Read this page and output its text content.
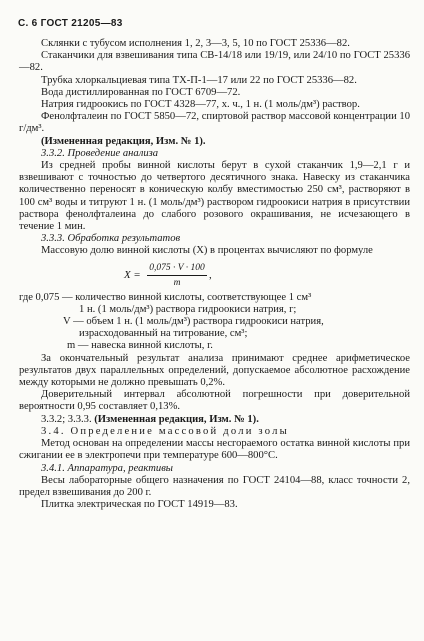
С. 6 ГОСТ 21205—83

Склянки с тубусом исполнения 1, 2, 3—3, 5, 10 по ГОСТ 25336—82.

Стаканчики для взвешивания типа СВ-14/18 или 19/19, или 24/10 по ГОСТ 25336—82.

Трубка хлоркальциевая типа ТХ-П-1—17 или 22 по ГОСТ 25336—82.

Вода дистиллированная по ГОСТ 6709—72.

Натрия гидроокись по ГОСТ 4328—77, х. ч., 1 н. (1 моль/дм³) раствор.

Фенолфталеин по ГОСТ 5850—72, спиртовой раствор массовой концентрации 10 г/дм³.

(Измененная редакция, Изм. № 1).

3.3.2. Проведение анализа

Из средней пробы винной кислоты берут в сухой стаканчик 1,9—2,1 г и взвешивают с точностью до четвертого десятичного знака. Навеску из стаканчика количественно переносят в коническую колбу вместимостью 250 см³, растворяют в 100 см³ воды и титруют 1 н. (1 моль/дм³) раствором гидроокиси натрия в присутствии раствора фенолфталеина до слабого розового окрашивания, не исчезающего в течение 1 мин.

3.3.3. Обработка результатов

Массовую долю винной кислоты (X) в процентах вычисляют по формуле

$X = \frac{0,075 \cdot V \cdot 100}{m}$ ,
где 0,075 — количество винной кислоты, соответствующее 1 см³
1 н. (1 моль/дм³) раствора гидроокиси натрия, г;
V — объем 1 н. (1 моль/дм³) раствора гидроокиси натрия,
израсходованный на титрование, см³;
m — навеска винной кислоты, г.

За окончательный результат анализа принимают среднее арифметическое результатов двух параллельных определений, допускаемое абсолютное расхождение между которыми не должно превышать 0,2%.

Доверительный интервал абсолютной погрешности при доверительной вероятности 0,95 составляет 0,13%.

3.3.2; 3.3.3. (Измененная редакция, Изм. № 1).

3.4. Определение массовой доли золы

Метод основан на определении массы несгораемого остатка винной кислоты при сжигании ее в электропечи при температуре 600—800°С.

3.4.1. Аппаратура, реактивы

Весы лабораторные общего назначения по ГОСТ 24104—88, класс точности 2, предел взвешивания до 200 г.

Плитка электрическая по ГОСТ 14919—83.
